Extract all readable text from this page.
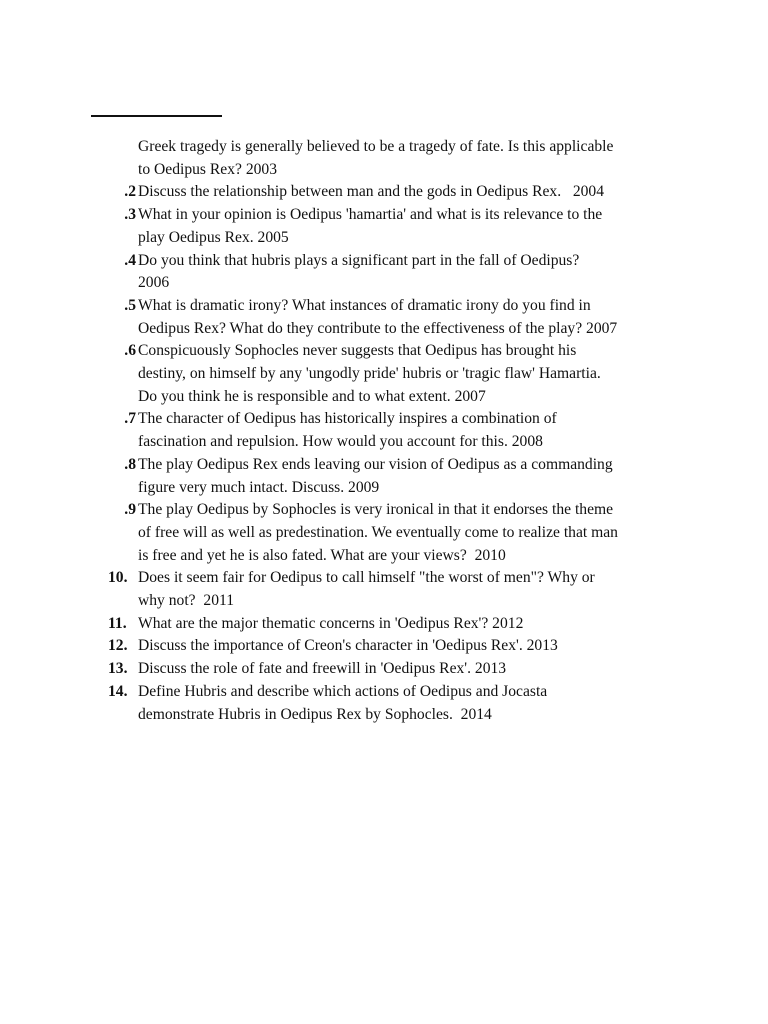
Greek tragedy is generally believed to be a tragedy of fate. Is this applicable
to Oedipus Rex? 2003
2. Discuss the relationship between man and the gods in Oedipus Rex.   2004
3. What in your opinion is Oedipus 'hamartia' and what is its relevance to the
play Oedipus Rex. 2005
4. Do you think that hubris plays a significant part in the fall of Oedipus?
2006
5. What is dramatic irony? What instances of dramatic irony do you find in
Oedipus Rex? What do they contribute to the effectiveness of the play? 2007
6. Conspicuously Sophocles never suggests that Oedipus has brought his
destiny, on himself by any 'ungodly pride' hubris or 'tragic flaw' Hamartia.
Do you think he is responsible and to what extent. 2007
7. The character of Oedipus has historically inspires a combination of
fascination and repulsion. How would you account for this. 2008
8. The play Oedipus Rex ends leaving our vision of Oedipus as a commanding
figure very much intact. Discuss. 2009
9. The play Oedipus by Sophocles is very ironical in that it endorses the theme
of free will as well as predestination. We eventually come to realize that man
is free and yet he is also fated. What are your views?  2010
10. Does it seem fair for Oedipus to call himself "the worst of men"? Why or
why not?  2011
11. What are the major thematic concerns in 'Oedipus Rex'? 2012
12. Discuss the importance of Creon's character in 'Oedipus Rex'. 2013
13. Discuss the role of fate and freewill in 'Oedipus Rex'. 2013
14. Define Hubris and describe which actions of Oedipus and Jocasta
demonstrate Hubris in Oedipus Rex by Sophocles.  2014
